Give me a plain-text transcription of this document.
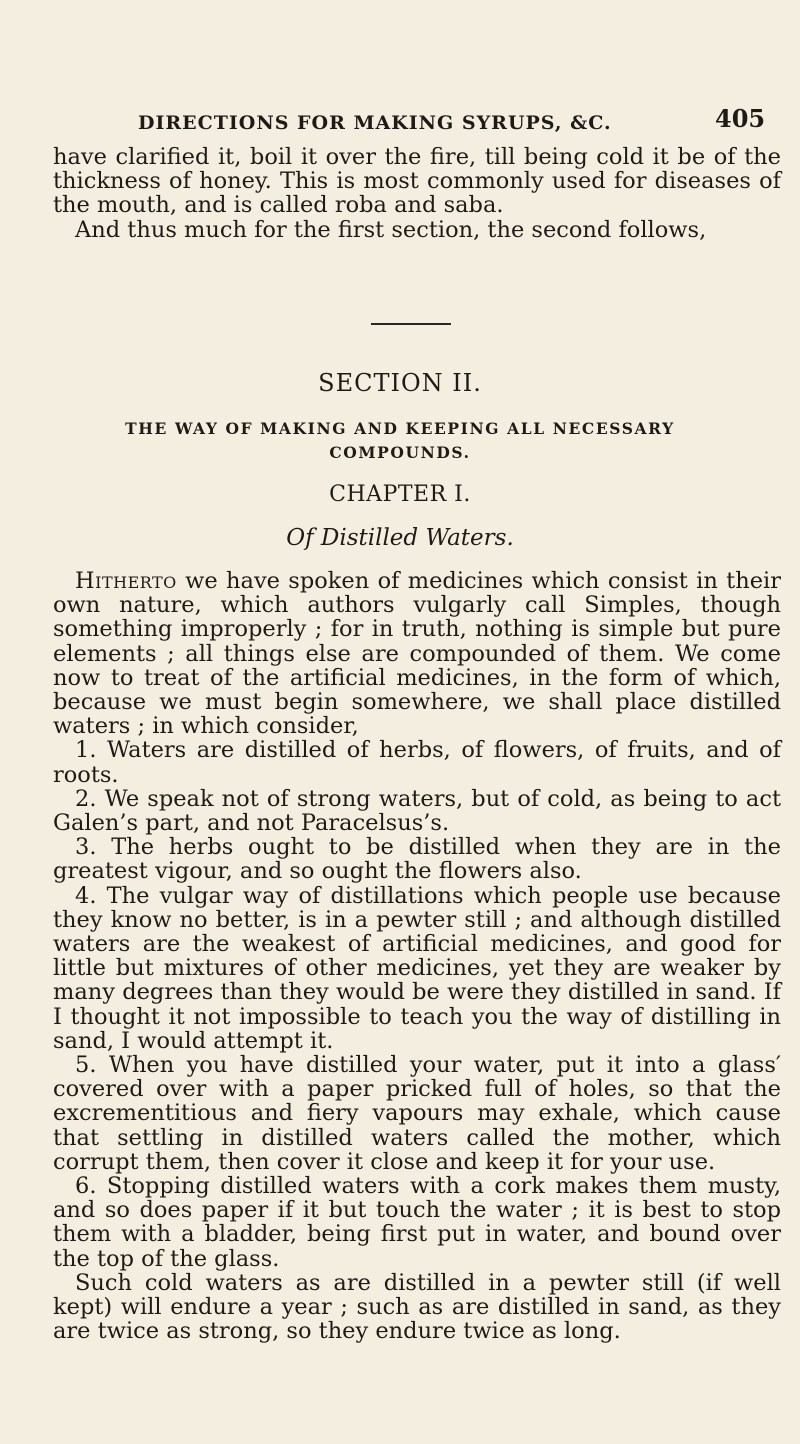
DIRECTIONS FOR MAKING SYRUPS, &C.	405

have clarified it, boil it over the fire, till being cold it be of the thickness of honey. This is most commonly used for diseases of the mouth, and is called roba and saba.

And thus much for the first section, the second follows,

SECTION II.
THE WAY OF MAKING AND KEEPING ALL NECESSARY
COMPOUNDS.
CHAPTER I.
Of Distilled Waters.

Hitherto we have spoken of medicines which consist in their own nature, which authors vulgarly call Simples, though something improperly ; for in truth, nothing is simple but pure elements ; all things else are compounded of them. We come now to treat of the artificial medicines, in the form of which, because we must begin somewhere, we shall place distilled waters ; in which consider,

1. Waters are distilled of herbs, of flowers, of fruits, and of roots.

2. We speak not of strong waters, but of cold, as being to act Galen’s part, and not Paracelsus’s.

3. The herbs ought to be distilled when they are in the greatest vigour, and so ought the flowers also.

4. The vulgar way of distillations which people use because they know no better, is in a pewter still ; and although distilled waters are the weakest of artificial medicines, and good for little but mixtures of other medicines, yet they are weaker by many degrees than they would be were they distilled in sand. If I thought it not impossible to teach you the way of distilling in sand, I would attempt it.

5. When you have distilled your water, put it into a glass′ covered over with a paper pricked full of holes, so that the excrementitious and fiery vapours may exhale, which cause that settling in distilled waters called the mother, which corrupt them, then cover it close and keep it for your use.

6. Stopping distilled waters with a cork makes them musty, and so does paper if it but touch the water ; it is best to stop them with a bladder, being first put in water, and bound over the top of the glass.

Such cold waters as are distilled in a pewter still (if well kept) will endure a year ; such as are distilled in sand, as they are twice as strong, so they endure twice as long.
